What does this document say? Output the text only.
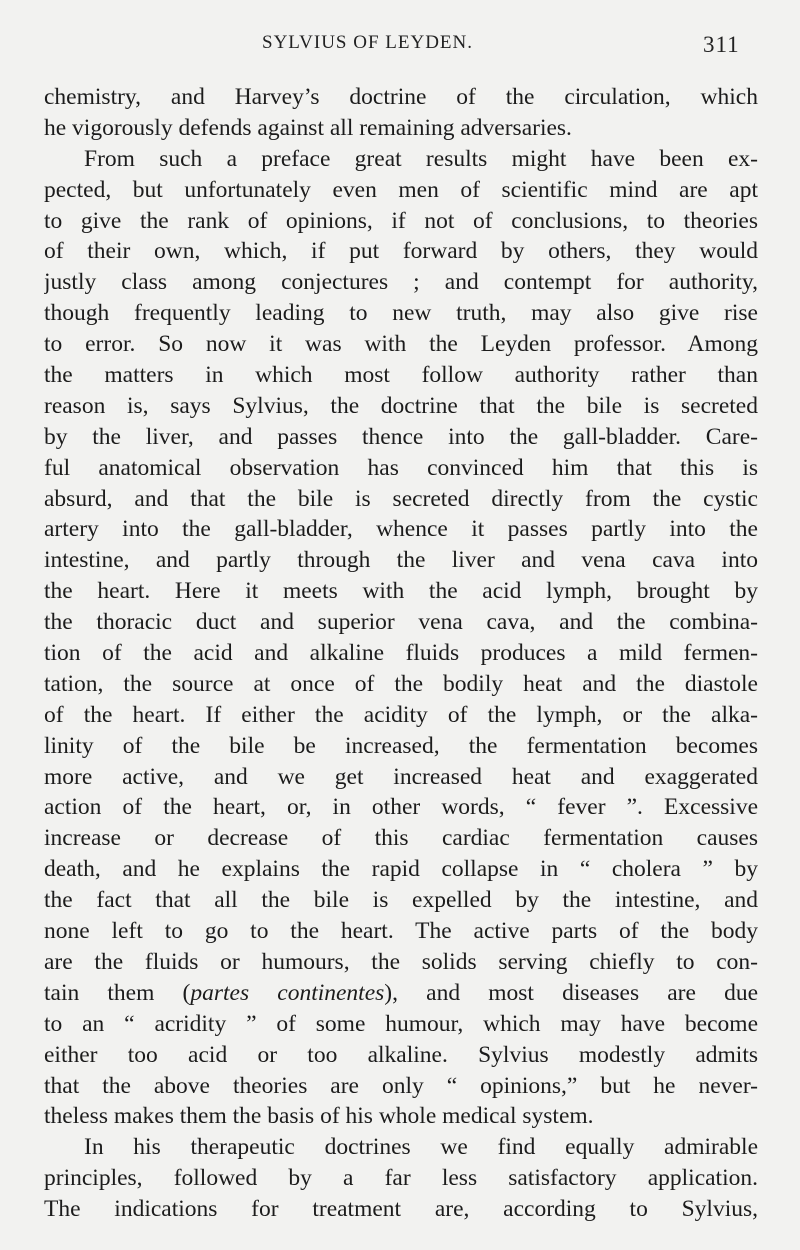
SYLVIUS OF LEYDEN.	311
chemistry, and Harvey’s doctrine of the circulation, which
he vigorously defends against all remaining adversaries.
From such a preface great results might have been ex-
pected, but unfortunately even men of scientific mind are apt
to give the rank of opinions, if not of conclusions, to theories
of their own, which, if put forward by others, they would
justly class among conjectures ; and contempt for authority,
though frequently leading to new truth, may also give rise
to error. So now it was with the Leyden professor. Among
the matters in which most follow authority rather than
reason is, says Sylvius, the doctrine that the bile is secreted
by the liver, and passes thence into the gall-bladder. Care-
ful anatomical observation has convinced him that this is
absurd, and that the bile is secreted directly from the cystic
artery into the gall-bladder, whence it passes partly into the
intestine, and partly through the liver and vena cava into
the heart. Here it meets with the acid lymph, brought by
the thoracic duct and superior vena cava, and the combina-
tion of the acid and alkaline fluids produces a mild fermen-
tation, the source at once of the bodily heat and the diastole
of the heart. If either the acidity of the lymph, or the alka-
linity of the bile be increased, the fermentation becomes
more active, and we get increased heat and exaggerated
action of the heart, or, in other words, “ fever ”. Excessive
increase or decrease of this cardiac fermentation causes
death, and he explains the rapid collapse in “ cholera ” by
the fact that all the bile is expelled by the intestine, and
none left to go to the heart. The active parts of the body
are the fluids or humours, the solids serving chiefly to con-
tain them (partes continentes), and most diseases are due
to an “ acridity ” of some humour, which may have become
either too acid or too alkaline. Sylvius modestly admits
that the above theories are only “ opinions,” but he never-
theless makes them the basis of his whole medical system.
In his therapeutic doctrines we find equally admirable
principles, followed by a far less satisfactory application.
The indications for treatment are, according to Sylvius,
